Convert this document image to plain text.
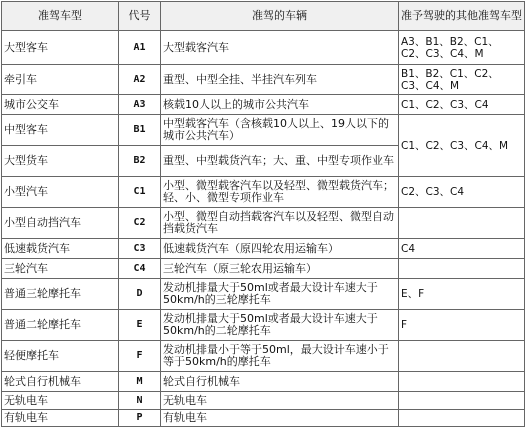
准驾车型	代号	准驾的车辆	准予驾驶的其他准驾车型
大型客车	A1	大型载客汽车	A3、B1、B2、C1、C2、C3、C4、M
牵引车	A2	重型、中型全挂、半挂汽车列车	B1、B2、C1、C2、C3、C4、M
城市公交车	A3	核载10人以上的城市公共汽车	C1、C2、C3、C4
中型客车	B1	中型载客汽车（含核载10人以上、19人以下的城市公共汽车）	C1、C2、C3、C4、M
大型货车	B2	重型、中型载货汽车；大、重、中型专项作业车	
小型汽车	C1	小型、微型载客汽车以及轻型、微型载货汽车；轻、小、微型专项作业车	C2、C3、C4
小型自动挡汽车	C2	小型、微型自动挡载客汽车以及轻型、微型自动挡载货汽车	
低速载货汽车	C3	低速载货汽车（原四轮农用运输车）	C4
三轮汽车	C4	三轮汽车（原三轮农用运输车）	
普通三轮摩托车	D	发动机排量大于50ml或者最大设计车速大于50km/h的三轮摩托车	E、F
普通二轮摩托车	E	发动机排量大于50ml或者最大设计车速大于50km/h的二轮摩托车	F
轻便摩托车	F	发动机排量小于等于50ml，最大设计车速小于等于50km/h的摩托车	
轮式自行机械车	M	轮式自行机械车	
无轨电车	N	无轨电车	
有轨电车	P	有轨电车	
